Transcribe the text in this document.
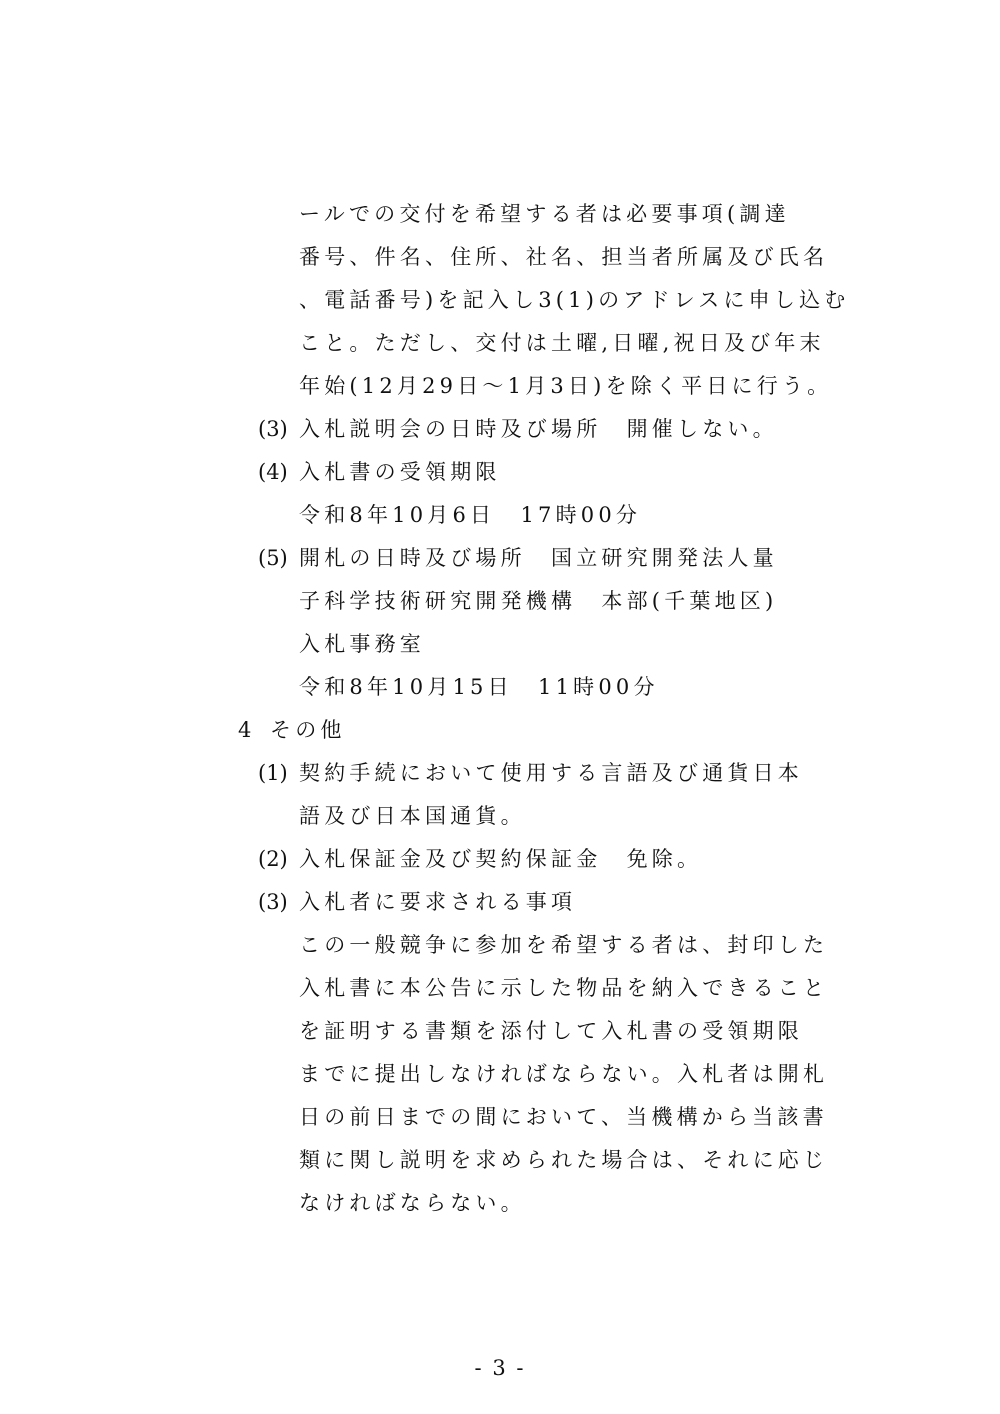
ールでの交付を希望する者は必要事項(調達
番号、件名、住所、社名、担当者所属及び氏名
、電話番号)を記入し3(1)のアドレスに申し込む
こと。ただし、交付は土曜,日曜,祝日及び年末
年始(12月29日～1月3日)を除く平日に行う。
(3) 入札説明会の日時及び場所　開催しない。
(4) 入札書の受領期限
令和8年10月6日　17時00分
(5) 開札の日時及び場所　国立研究開発法人量
子科学技術研究開発機構　本部(千葉地区)
入札事務室
令和8年10月15日　11時00分
4 その他
(1) 契約手続において使用する言語及び通貨日本
語及び日本国通貨。
(2) 入札保証金及び契約保証金　免除。
(3) 入札者に要求される事項
この一般競争に参加を希望する者は、封印した
入札書に本公告に示した物品を納入できること
を証明する書類を添付して入札書の受領期限
までに提出しなければならない。入札者は開札
日の前日までの間において、当機構から当該書
類に関し説明を求められた場合は、それに応じ
なければならない。
- 3 -
